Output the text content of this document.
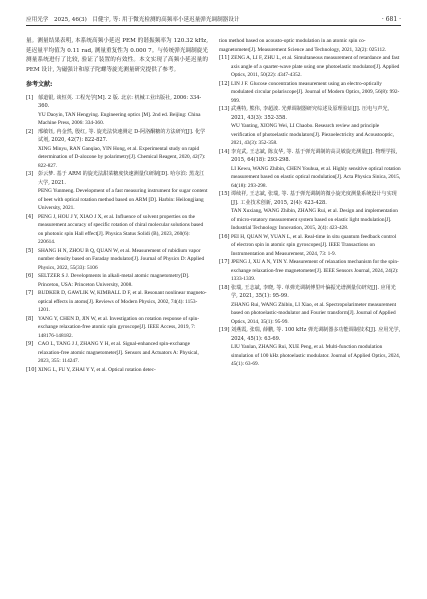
应用光学　2025, 46(3)　目健宇, 等: 用于微光检测的高频率小延迟量弹光调制器设计	· 681 ·

量。测量结果表明, 本系统高频小延迟 PEM 的谐振频率为 120.32 kHz, 延迟量平均值为 0.11 rad, 测量重复性为 0.000 7。与传统弹光调制旋光测量系统进行了比较, 验证了装置的有效性。本文实现了高频小延迟量的 PEM 设计, 为磁强计和原子陀螺等旋光测量研究提供了参考。

参考文献:
[1] 郁道银, 谈恒英. 工程光学[M]. 2 版. 北京: 机械工业出版社, 2006: 334-360.
YU Daoyin, TAN Hengying. Engineering optics [M]. 2nd ed. Beijing: China Machine Press, 2006: 334-360.
[2] 邢敏钰, 冉金然, 殷红, 等. 旋光法快速测定 D-阿洛酮糖的方法研究[J]. 化学试剂, 2020, 42(7): 822-827.
XING Minyu, RAN Ganqiao, YIN Hong, et al. Experimental study on rapid determination of D-alozone by polarimetry[J]. Chemical Reagent, 2020, 42(7): 822-827.
[3] 彭云梦. 基于 ARM 的旋光法甜菜糖度快速测量仪研制[D]. 哈尔滨: 黑龙江大学, 2021.
PENG Yunmeng. Development of a fast measuring instrument for sugar content of beet with optical rotation method based on ARM [D]. Harbin: Heilongjiang University, 2021.
[4] PENG J, HOU J Y, XIAO J X, et al. Influence of solvent properties on the measurement accuracy of specific rotation of chiral molecular solutions based on photonic spin Hall effect[J]. Physica Status Solidi (B), 2023, 260(6): 220614.
[5] SHANG H N, ZHOU B Q, QUAN W, et al. Measurement of rubidium vapor number density based on Faraday modulator[J]. Journal of Physics D: Applied Physics, 2022, 55(33): 5106
[6] SELTZER S J. Developments in alkali-metal atomic magnetometry[D]. Princeton, USA: Princeton University, 2008.
[7] BUDKER D, GAWLIK W, KIMBALL D F, et al. Resonant nonlinear magneto-optical effects in atoms[J]. Reviews of Modern Physics, 2002, 74(4): 1153-1201.
[8] YANG Y, CHEN D, JIN W, et al. Investigation on rotation response of spin-exchange relaxation-free atomic spin gyroscope[J]. IEEE Access, 2019, 7: 148176-148182.
[9] CAO L, TANG J J, ZHANG Y H, et al. Signal-enhanced spin-exchange relaxation-free atomic magnetometer[J]. Sensors and Actuators A: Physical, 2023, 355: 114247.
[10] XING L, FU Y, ZHAI Y Y, et al. Optical rotation detec-
tion method based on acousto-optic modulation in an atomic spin co-magnetometer[J]. Measurement Science and Technology, 2021, 32(2): 025112.
[11] ZENG A, LI F, ZHU L, et al. Simultaneous measurement of retardance and fast axis angle of a quarter-wave plate using one photoelastic modulator[J]. Applied Optics, 2011, 50(22): 4347-4352.
[12] LIN J F. Glucose concentration measurement using an electro-optically modulated circular polariscope[J]. Journal of Modern Optics, 2009, 56(8): 992-999.
[13] 武燕特, 熊伟, 李超波. 光弹调制器研究综述及原理验证[J]. 压电与声光, 2021, 43(3): 352-358.
WU Yanting, XIONG Wei, LI Chaobo. Research review and principle verification of photoelastic modulators[J]. Piezoelectricity and Acoustooptic, 2021, 43(3): 352-358.
[14] 李克武, 王志斌, 陈友华, 等. 基于弹光调制的高灵敏旋光测量[J]. 物理学报, 2015, 64(18): 293-298.
LI Kewu, WANG Zhibin, CHEN Youhua, et al. Highly sensitive optical rotation measurement based on elastic optical modulation[J]. Acta Physica Sinica, 2015, 64(18): 293-298.
[15] 谭续祥, 王志斌, 张瑞, 等. 基于弹光调制的微小旋光度测量系统设计与实现[J]. 工业技术创新, 2015, 2(4): 423-428.
TAN Xuxiang, WANG Zhibin, ZHANG Rui, et al. Design and implementation of micro-rotatory measurement system based on elastic light modulation[J]. Industrial Technology Innovation, 2015, 2(4): 423-428.
[16] PEI H, QUAN W, YUAN L, et al. Real-time in situ quantum feedback control of electron spin in atomic spin gyroscopes[J]. IEEE Transactions on Instrumentation and Measurement, 2024, 73: 1-9.
[17] JPENG J, XU A N, YIN Y. Measurement of relaxation mechanism for the spin-exchange relaxation-free magnetometer[J]. IEEE Sensors Journal, 2024, 24(2): 1333-1339.
[18] 张瑞, 王志斌, 李晓, 等. 单弹光调制傅里叶偏振光谱测量仪研究[J]. 应用光学, 2021, 35(1): 95-99.
ZHANG Rui, WANG Zhibin, LI Xiao, et al. Spectropolarimeter measurement based on photoelastic-modulator and Fourier transform[J]. Journal of Applied Optics, 2014, 35(1): 95-99.
[19] 刘燕霞, 张瑞, 薛鹏, 等. 100 kHz 弹光调制器多功能调制技术[J]. 应用光学, 2024, 45(1): 63-69.
LIU Yanlan, ZHANG Rui, XUE Peng, et al. Multi-function modulation simulation of 100 kHz photoelastic modulator. Journal of Applied Optics, 2024, 45(1): 63-69.
